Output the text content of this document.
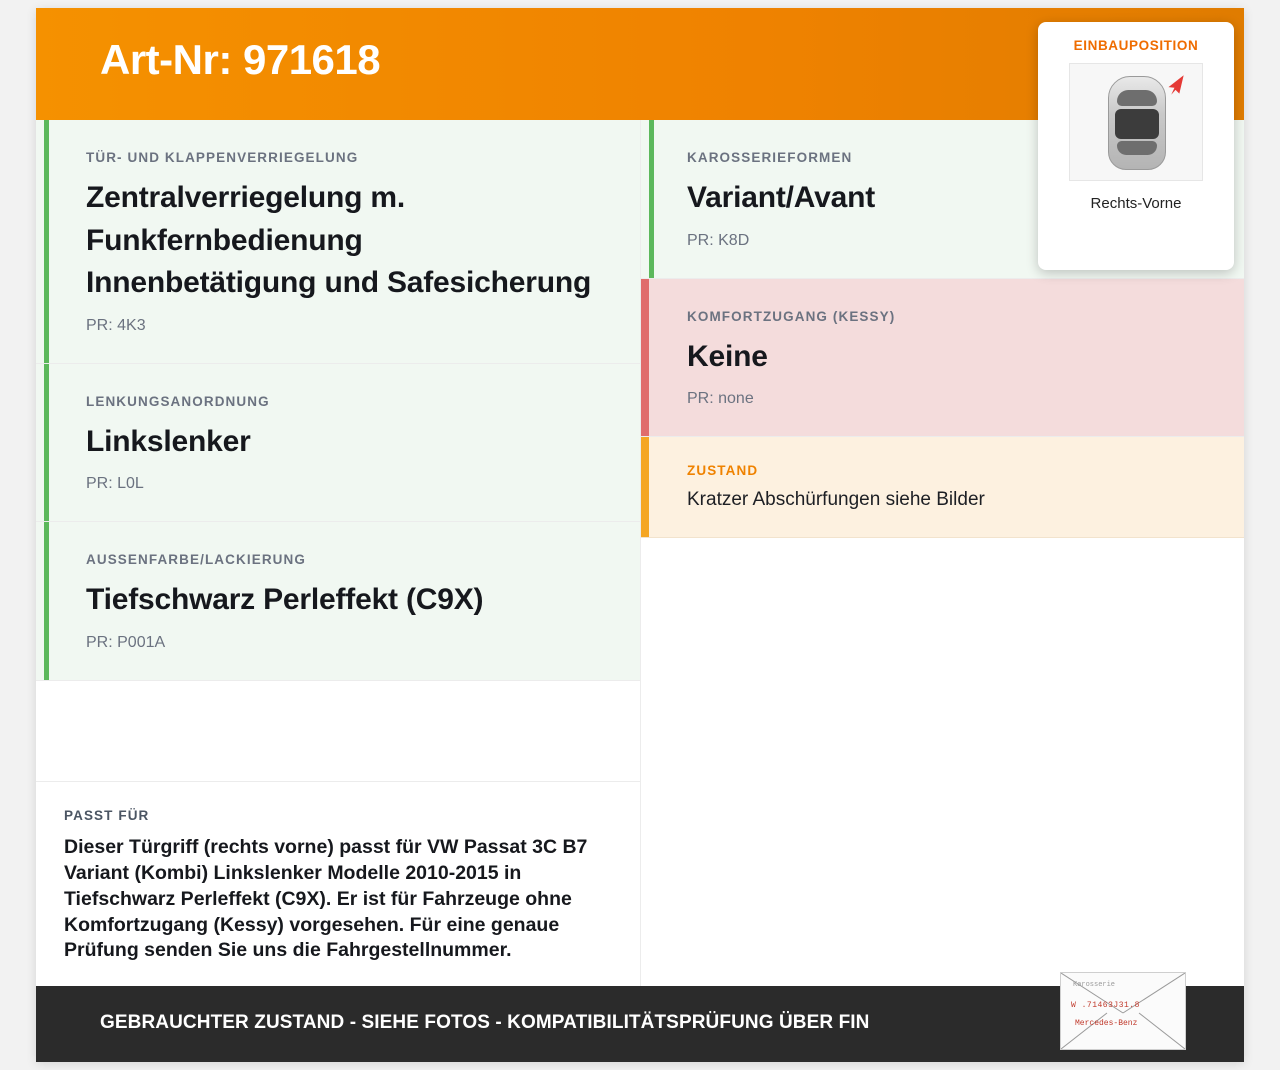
Art-Nr: 971618	EINBAUPOSITION
Rechts-Vorne
TÜR- UND KLAPPENVERRIEGELUNG
Zentralverriegelung m. Funkfernbedienung Innenbetätigung und Safesicherung
PR: 4K3
LENKUNGSANORDNUNG
Linkslenker
PR: L0L
AUSSENFARBE/LACKIERUNG
Tiefschwarz Perleffekt (C9X)
PR: P001A
PASST FÜR
Dieser Türgriff (rechts vorne) passt für VW Passat 3C B7 Variant (Kombi) Linkslenker Modelle 2010-2015 in Tiefschwarz Perleffekt (C9X). Er ist für Fahrzeuge ohne Komfortzugang (Kessy) vorgesehen. Für eine genaue Prüfung senden Sie uns die Fahrgestellnummer.
KAROSSERIEFORMEN
Variant/Avant
PR: K8D
KOMFORTZUGANG (KESSY)
Keine
PR: none
ZUSTAND
Kratzer Abschürfungen siehe Bilder
GEBRAUCHTER ZUSTAND - SIEHE FOTOS - KOMPATIBILITÄTSPRÜFUNG ÜBER FIN
Karosserie
W .71463J31.8
Mercedes-Benz
